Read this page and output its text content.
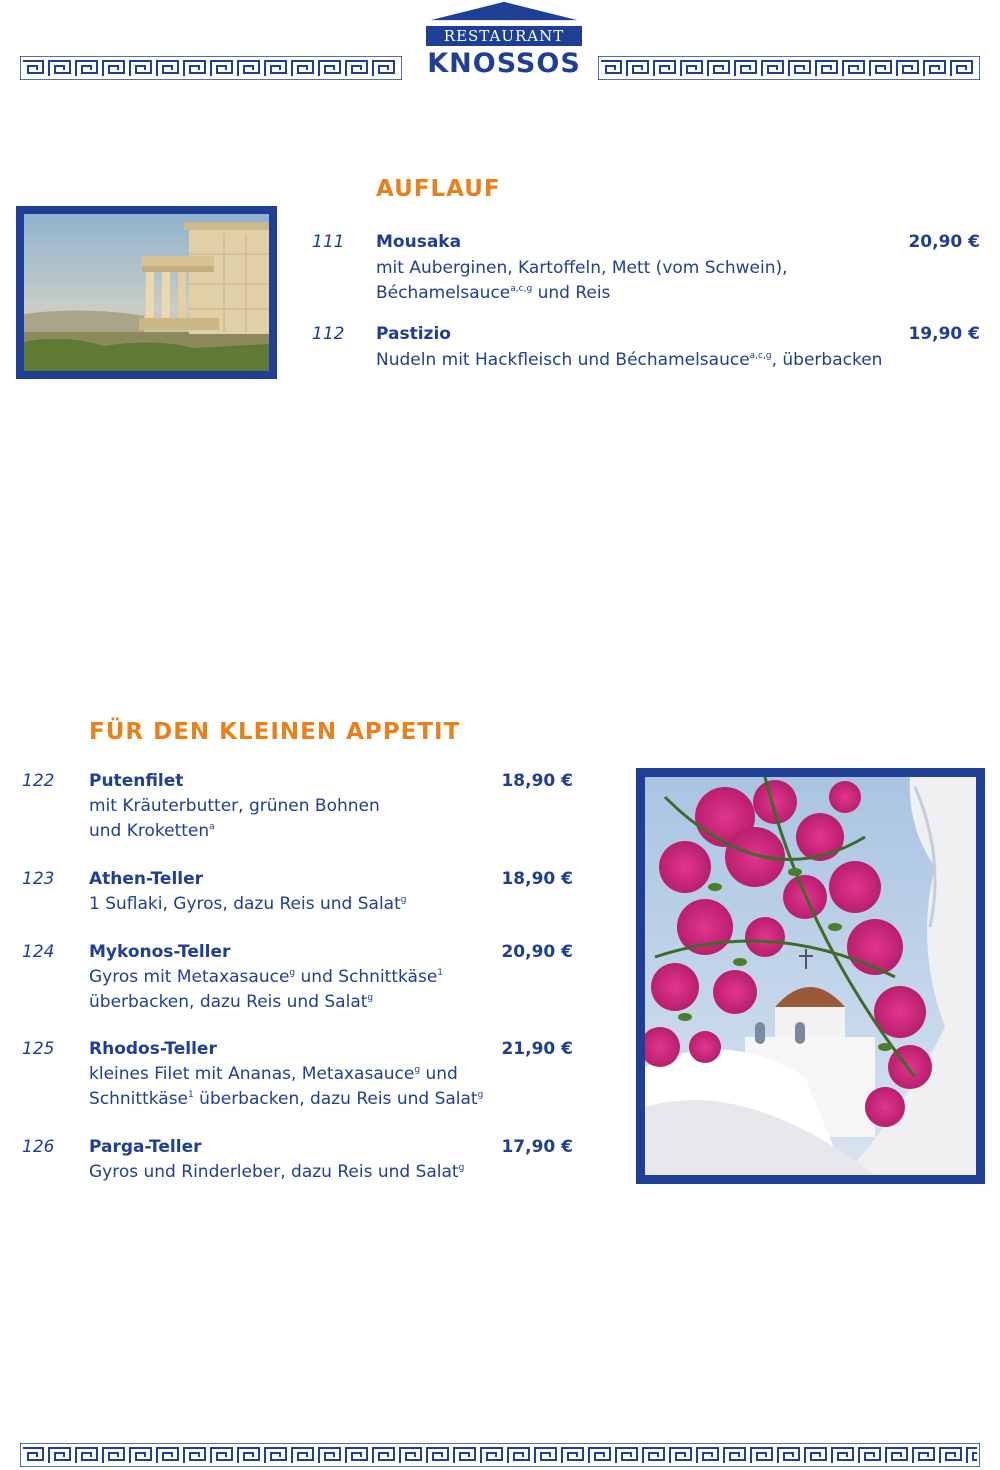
RESTAURANT
KNOSSOS
AUFLAUF
111 Mousaka	20,90 €
mit Auberginen, Kartoffeln, Mett (vom Schwein),
Béchamelsauce$^{a,c,g}$ und Reis
112 Pastizio	19,90 €
Nudeln mit Hackfleisch und Béchamelsauce$^{a,c,g}$, überbacken
FÜR DEN KLEINEN APPETIT
122 Putenfilet	18,90 €
mit Kräuterbutter, grünen Bohnen
und Kroketten$^a$
123 Athen-Teller	18,90 €
1 Suflaki, Gyros, dazu Reis und Salat$^g$
124 Mykonos-Teller	20,90 €
Gyros mit Metaxasauce$^g$ und Schnittkäse$^1$
überbacken, dazu Reis und Salat$^g$
125 Rhodos-Teller	21,90 €
kleines Filet mit Ananas, Metaxasauce$^g$ und
Schnittkäse$^1$ überbacken, dazu Reis und Salat$^g$
126 Parga-Teller	17,90 €
Gyros und Rinderleber, dazu Reis und Salat$^g$
